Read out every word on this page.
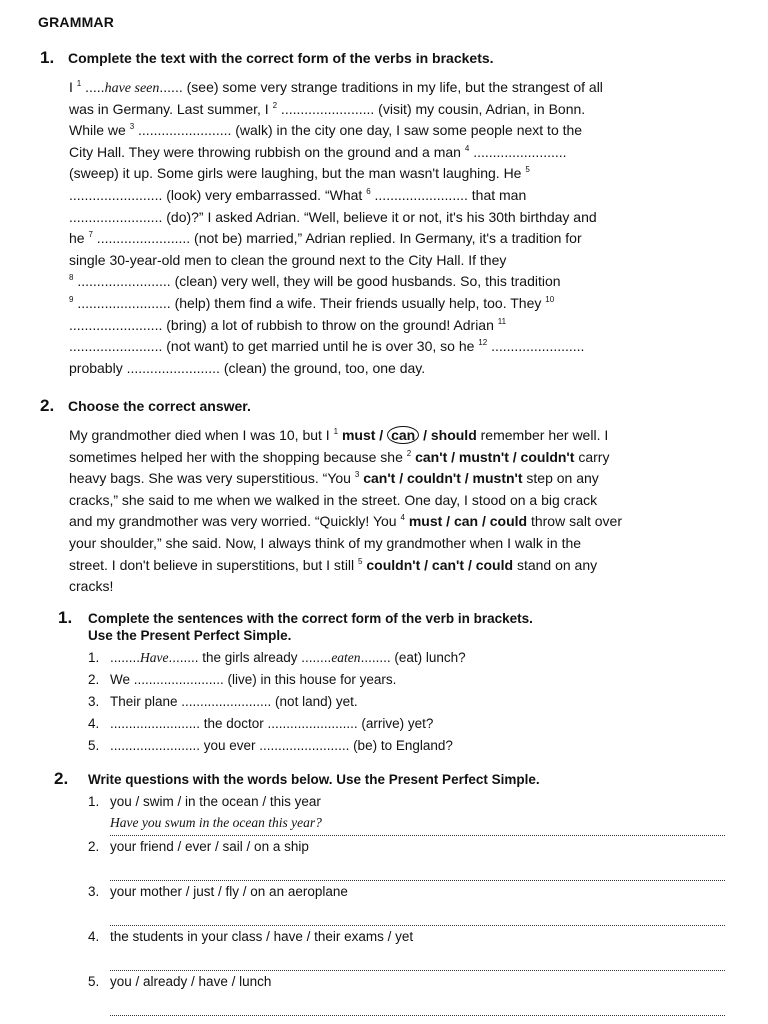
GRAMMAR
1. Complete the text with the correct form of the verbs in brackets.
I $^1$ .....have seen...... (see) some very strange traditions in my life, but the strangest of all
was in Germany. Last summer, I $^2$ ........................ (visit) my cousin, Adrian, in Bonn.
While we $^3$ ........................ (walk) in the city one day, I saw some people next to the
City Hall. They were throwing rubbish on the ground and a man $^4$ ........................
(sweep) it up. Some girls were laughing, but the man wasn't laughing. He $^5$
........................ (look) very embarrassed. “What $^6$ ........................ that man
........................ (do)?” I asked Adrian. “Well, believe it or not, it's his 30th birthday and
he $^7$ ........................ (not be) married,” Adrian replied. In Germany, it's a tradition for
single 30-year-old men to clean the ground next to the City Hall. If they
$^8$ ........................ (clean) very well, they will be good husbands. So, this tradition
$^9$ ........................ (help) them find a wife. Their friends usually help, too. They $^{10}$
........................ (bring) a lot of rubbish to throw on the ground! Adrian $^{11}$
........................ (not want) to get married until he is over 30, so he $^{12}$ ........................
probably ........................ (clean) the ground, too, one day.
2. Choose the correct answer.
My grandmother died when I was 10, but I $^1$ must / can / should remember her well. I
sometimes helped her with the shopping because she $^2$ can't / mustn't / couldn't carry
heavy bags. She was very superstitious. “You $^3$ can't / couldn't / mustn't step on any
cracks,” she said to me when we walked in the street. One day, I stood on a big crack
and my grandmother was very worried. “Quickly! You $^4$ must / can / could throw salt over
your shoulder,” she said. Now, I always think of my grandmother when I walk in the
street. I don't believe in superstitions, but I still $^5$ couldn't / can't / could stand on any
cracks!
1. Complete the sentences with the correct form of the verb in brackets.
Use the Present Perfect Simple.
1. ........Have........ the girls already ........eaten........ (eat) lunch?
2. We ........................ (live) in this house for years.
3. Their plane ........................ (not land) yet.
4. ........................ the doctor ........................ (arrive) yet?
5. ........................ you ever ........................ (be) to England?
2. Write questions with the words below. Use the Present Perfect Simple.
1. you / swim / in the ocean / this year
Have you swum in the ocean this year?
2. your friend / ever / sail / on a ship
3. your mother / just / fly / on an aeroplane
4. the students in your class / have / their exams / yet
5. you / already / have / lunch
